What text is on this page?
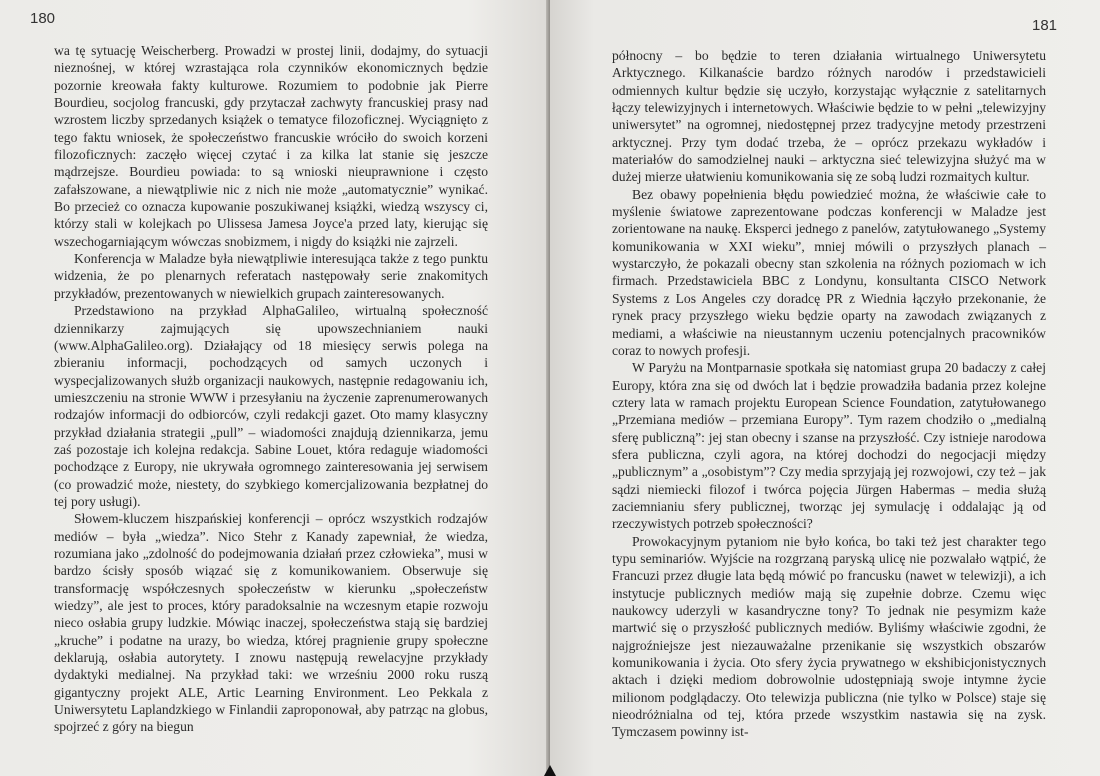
180

wa tę sytuację Weischerberg. Prowadzi w prostej linii, dodajmy, do sytuacji nieznośnej, w której wzrastająca rola czynników ekonomicznych będzie pozornie kreowała fakty kulturowe. Rozumiem to podobnie jak Pierre Bourdieu, socjolog francuski, gdy przytaczał zachwyty francuskiej prasy nad wzrostem liczby sprzedanych książek o tematyce filozoficznej. Wyciągnięto z tego faktu wniosek, że społeczeństwo francuskie wróciło do swoich korzeni filozoficznych: zaczęło więcej czytać i za kilka lat stanie się jeszcze mądrzejsze. Bourdieu powiada: to są wnioski nieuprawnione i często zafałszowane, a niewątpliwie nic z nich nie może „automatycznie” wynikać. Bo przecież co oznacza kupowanie poszukiwanej książki, wiedzą wszyscy ci, którzy stali w kolejkach po Ulissesa Jamesa Joyce'a przed laty, kierując się wszechogarniającym wówczas snobizmem, i nigdy do książki nie zajrzeli.

Konferencja w Maladze była niewątpliwie interesująca także z tego punktu widzenia, że po plenarnych referatach następowały serie znakomitych przykładów, prezentowanych w niewielkich grupach zainteresowanych.

Przedstawiono na przykład AlphaGalileo, wirtualną społeczność dziennikarzy zajmujących się upowszechnianiem nauki (www.AlphaGalileo.org). Działający od 18 miesięcy serwis polega na zbieraniu informacji, pochodzących od samych uczonych i wyspecjalizowanych służb organizacji naukowych, następnie redagowaniu ich, umieszczeniu na stronie WWW i przesyłaniu na życzenie zaprenumerowanych rodzajów informacji do odbiorców, czyli redakcji gazet. Oto mamy klasyczny przykład działania strategii „pull” – wiadomości znajdują dziennikarza, jemu zaś pozostaje ich kolejna redakcja. Sabine Louet, która redaguje wiadomości pochodzące z Europy, nie ukrywała ogromnego zainteresowania jej serwisem (co prowadzić może, niestety, do szybkiego komercjalizowania bezpłatnej do tej pory usługi).

Słowem-kluczem hiszpańskiej konferencji – oprócz wszystkich rodzajów mediów – była „wiedza”. Nico Stehr z Kanady zapewniał, że wiedza, rozumiana jako „zdolność do podejmowania działań przez człowieka”, musi w bardzo ścisły sposób wiązać się z komunikowaniem. Obserwuje się transformację współczesnych społeczeństw w kierunku „społeczeństw wiedzy”, ale jest to proces, który paradoksalnie na wczesnym etapie rozwoju nieco osłabia grupy ludzkie. Mówiąc inaczej, społeczeństwa stają się bardziej „kruche” i podatne na urazy, bo wiedza, której pragnienie grupy społeczne deklarują, osłabia autorytety. I znowu następują rewelacyjne przykłady dydaktyki medialnej. Na przykład taki: we wrześniu 2000 roku ruszą gigantyczny projekt ALE, Artic Learning Environment. Leo Pekkala z Uniwersytetu Laplandzkiego w Finlandii zaproponował, aby patrząc na globus, spojrzeć z góry na biegun

181

północny – bo będzie to teren działania wirtualnego Uniwersytetu Arktycznego. Kilkanaście bardzo różnych narodów i przedstawicieli odmiennych kultur będzie się uczyło, korzystając wyłącznie z satelitarnych łączy telewizyjnych i internetowych. Właściwie będzie to w pełni „telewizyjny uniwersytet” na ogromnej, niedostępnej przez tradycyjne metody przestrzeni arktycznej. Przy tym dodać trzeba, że – oprócz przekazu wykładów i materiałów do samodzielnej nauki – arktyczna sieć telewizyjna służyć ma w dużej mierze ułatwieniu komunikowania się ze sobą ludzi rozmaitych kultur.

Bez obawy popełnienia błędu powiedzieć można, że właściwie całe to myślenie światowe zaprezentowane podczas konferencji w Maladze jest zorientowane na naukę. Eksperci jednego z panelów, zatytułowanego „Systemy komunikowania w XXI wieku”, mniej mówili o przyszłych planach – wystarczyło, że pokazali obecny stan szkolenia na różnych poziomach w ich firmach. Przedstawiciela BBC z Londynu, konsultanta CISCO Network Systems z Los Angeles czy doradcę PR z Wiednia łączyło przekonanie, że rynek pracy przyszłego wieku będzie oparty na zawodach związanych z mediami, a właściwie na nieustannym uczeniu potencjalnych pracowników coraz to nowych profesji.

W Paryżu na Montparnasie spotkała się natomiast grupa 20 badaczy z całej Europy, która zna się od dwóch lat i będzie prowadziła badania przez kolejne cztery lata w ramach projektu European Science Foundation, zatytułowanego „Przemiana mediów – przemiana Europy”. Tym razem chodziło o „medialną sferę publiczną”: jej stan obecny i szanse na przyszłość. Czy istnieje narodowa sfera publiczna, czyli agora, na której dochodzi do negocjacji między „publicznym” a „osobistym”? Czy media sprzyjają jej rozwojowi, czy też – jak sądzi niemiecki filozof i twórca pojęcia Jürgen Habermas – media służą zaciemnianiu sfery publicznej, tworząc jej symulację i oddalając ją od rzeczywistych potrzeb społeczności?

Prowokacyjnym pytaniom nie było końca, bo taki też jest charakter tego typu seminariów. Wyjście na rozgrzaną paryską ulicę nie pozwalało wątpić, że Francuzi przez długie lata będą mówić po francusku (nawet w telewizji), a ich instytucje publicznych mediów mają się zupełnie dobrze. Czemu więc naukowcy uderzyli w kasandryczne tony? To jednak nie pesymizm każe martwić się o przyszłość publicznych mediów. Byliśmy właściwie zgodni, że najgroźniejsze jest niezauważalne przenikanie się wszystkich obszarów komunikowania i życia. Oto sfery życia prywatnego w ekshibicjonistycznych aktach i dzięki mediom dobrowolnie udostępniają swoje intymne życie milionom podglądaczy. Oto telewizja publiczna (nie tylko w Polsce) staje się nieodróżnialna od tej, która przede wszystkim nastawia się na zysk. Tymczasem powinny ist-
